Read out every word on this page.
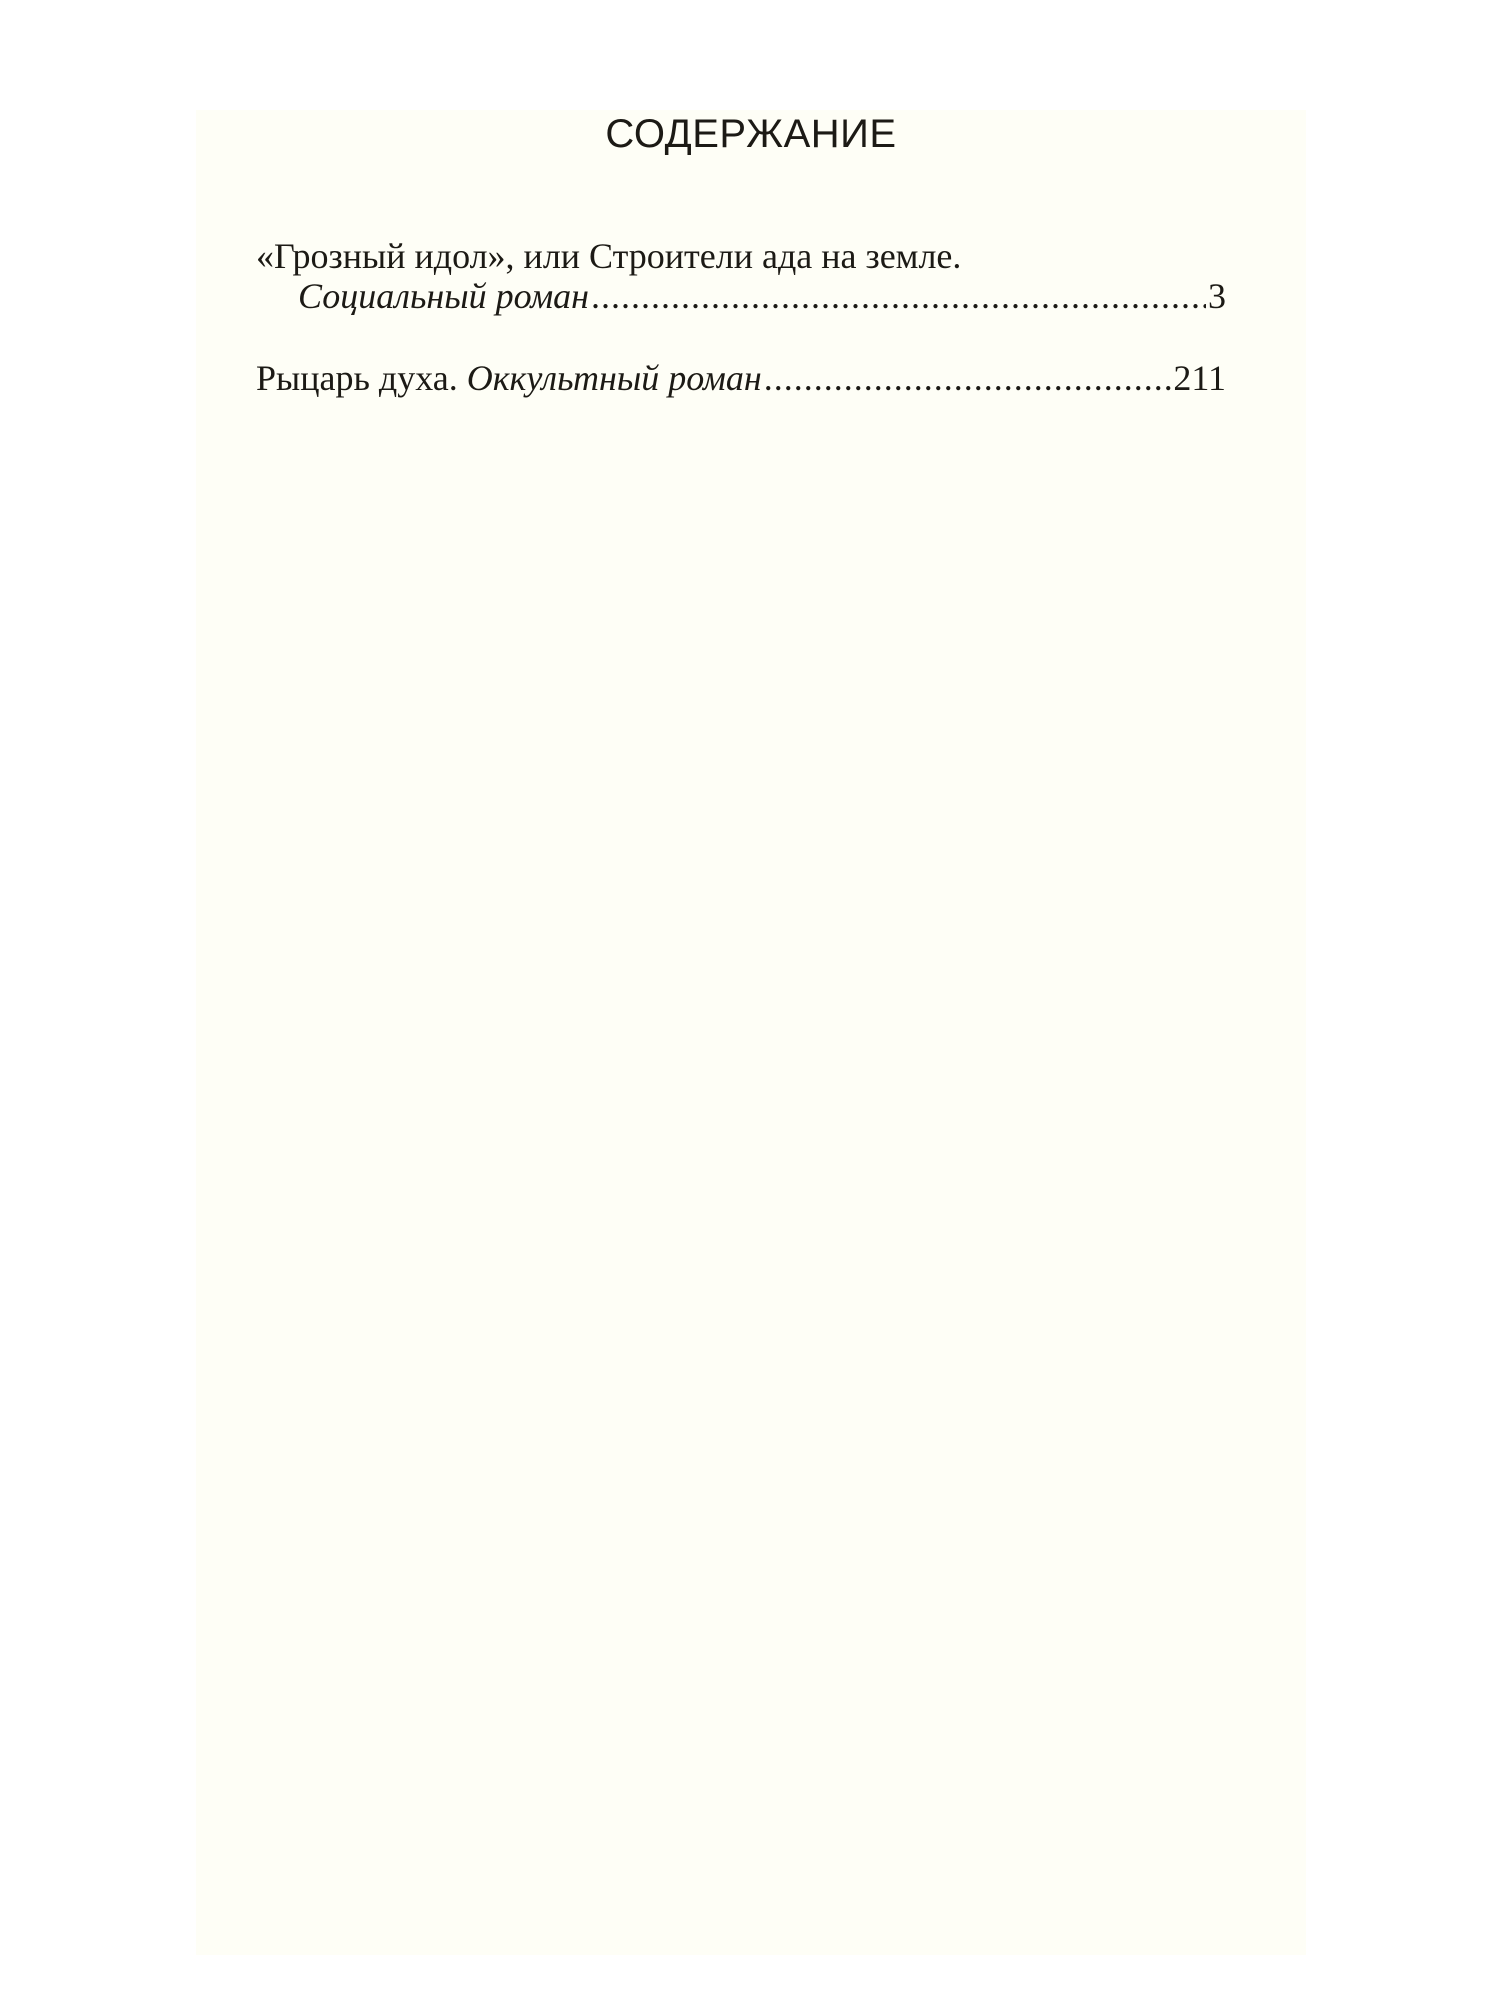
СОДЕРЖАНИЕ
«Грозный идол», или Строители ада на земле.
Социальный роман .....	3
Рыцарь духа.
Оккультный роман .....	211
